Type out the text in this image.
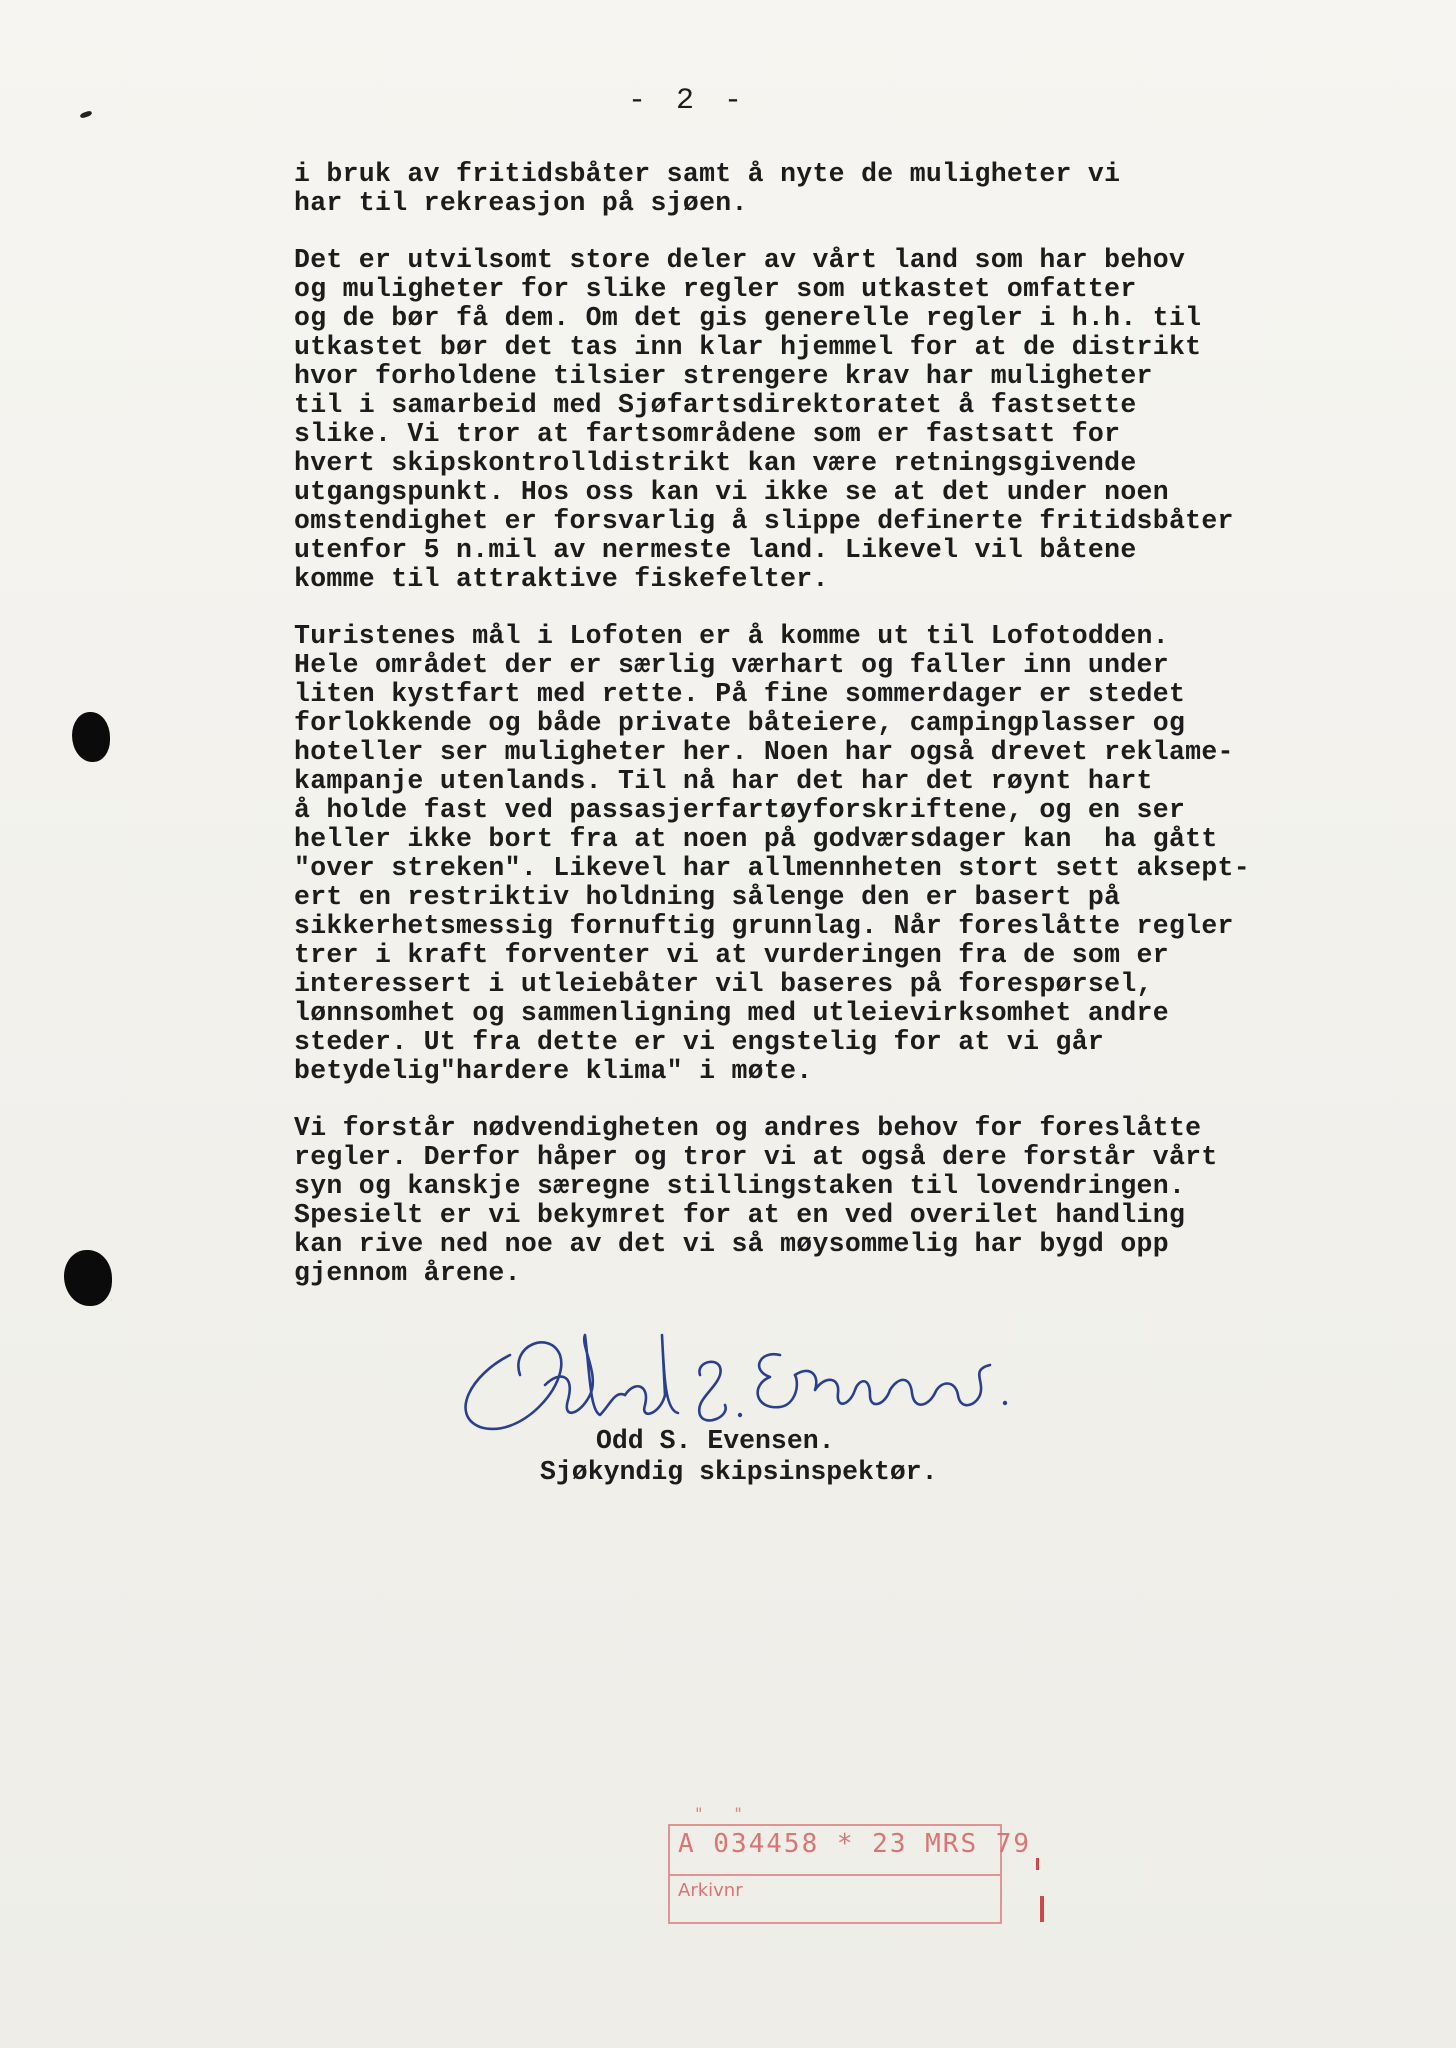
- 2 -
i bruk av fritidsbåter samt å nyte de muligheter vi
har til rekreasjon på sjøen.
Det er utvilsomt store deler av vårt land som har behov
og muligheter for slike regler som utkastet omfatter
og de bør få dem. Om det gis generelle regler i h.h. til
utkastet bør det tas inn klar hjemmel for at de distrikt
hvor forholdene tilsier strengere krav har muligheter
til i samarbeid med Sjøfartsdirektoratet å fastsette
slike. Vi tror at fartsområdene som er fastsatt for
hvert skipskontrolldistrikt kan være retningsgivende
utgangspunkt. Hos oss kan vi ikke se at det under noen
omstendighet er forsvarlig å slippe definerte fritidsbåter
utenfor 5 n.mil av nermeste land. Likevel vil båtene
komme til attraktive fiskefelter.
Turistenes mål i Lofoten er å komme ut til Lofotodden.
Hele området der er særlig værhart og faller inn under
liten kystfart med rette. På fine sommerdager er stedet
forlokkende og både private båteiere, campingplasser og
hoteller ser muligheter her. Noen har også drevet reklame-
kampanje utenlands. Til nå har det har det røynt hart
å holde fast ved passasjerfartøyforskriftene, og en ser
heller ikke bort fra at noen på godværsdager kan  ha gått
"over streken". Likevel har allmennheten stort sett aksept-
ert en restriktiv holdning sålenge den er basert på
sikkerhetsmessig fornuftig grunnlag. Når foreslåtte regler
trer i kraft forventer vi at vurderingen fra de som er
interessert i utleiebåter vil baseres på forespørsel,
lønnsomhet og sammenligning med utleievirksomhet andre
steder. Ut fra dette er vi engstelig for at vi går
betydelig"hardere klima" i møte.
Vi forstår nødvendigheten og andres behov for foreslåtte
regler. Derfor håper og tror vi at også dere forstår vårt
syn og kanskje særegne stillingstaken til lovendringen.
Spesielt er vi bekymret for at en ved overilet handling
kan rive ned noe av det vi så møysommelig har bygd opp
gjennom årene.
Odd S. Evensen.
Sjøkyndig skipsinspektør.
" "
A 034458 * 23 MRS 79
Arkivnr
